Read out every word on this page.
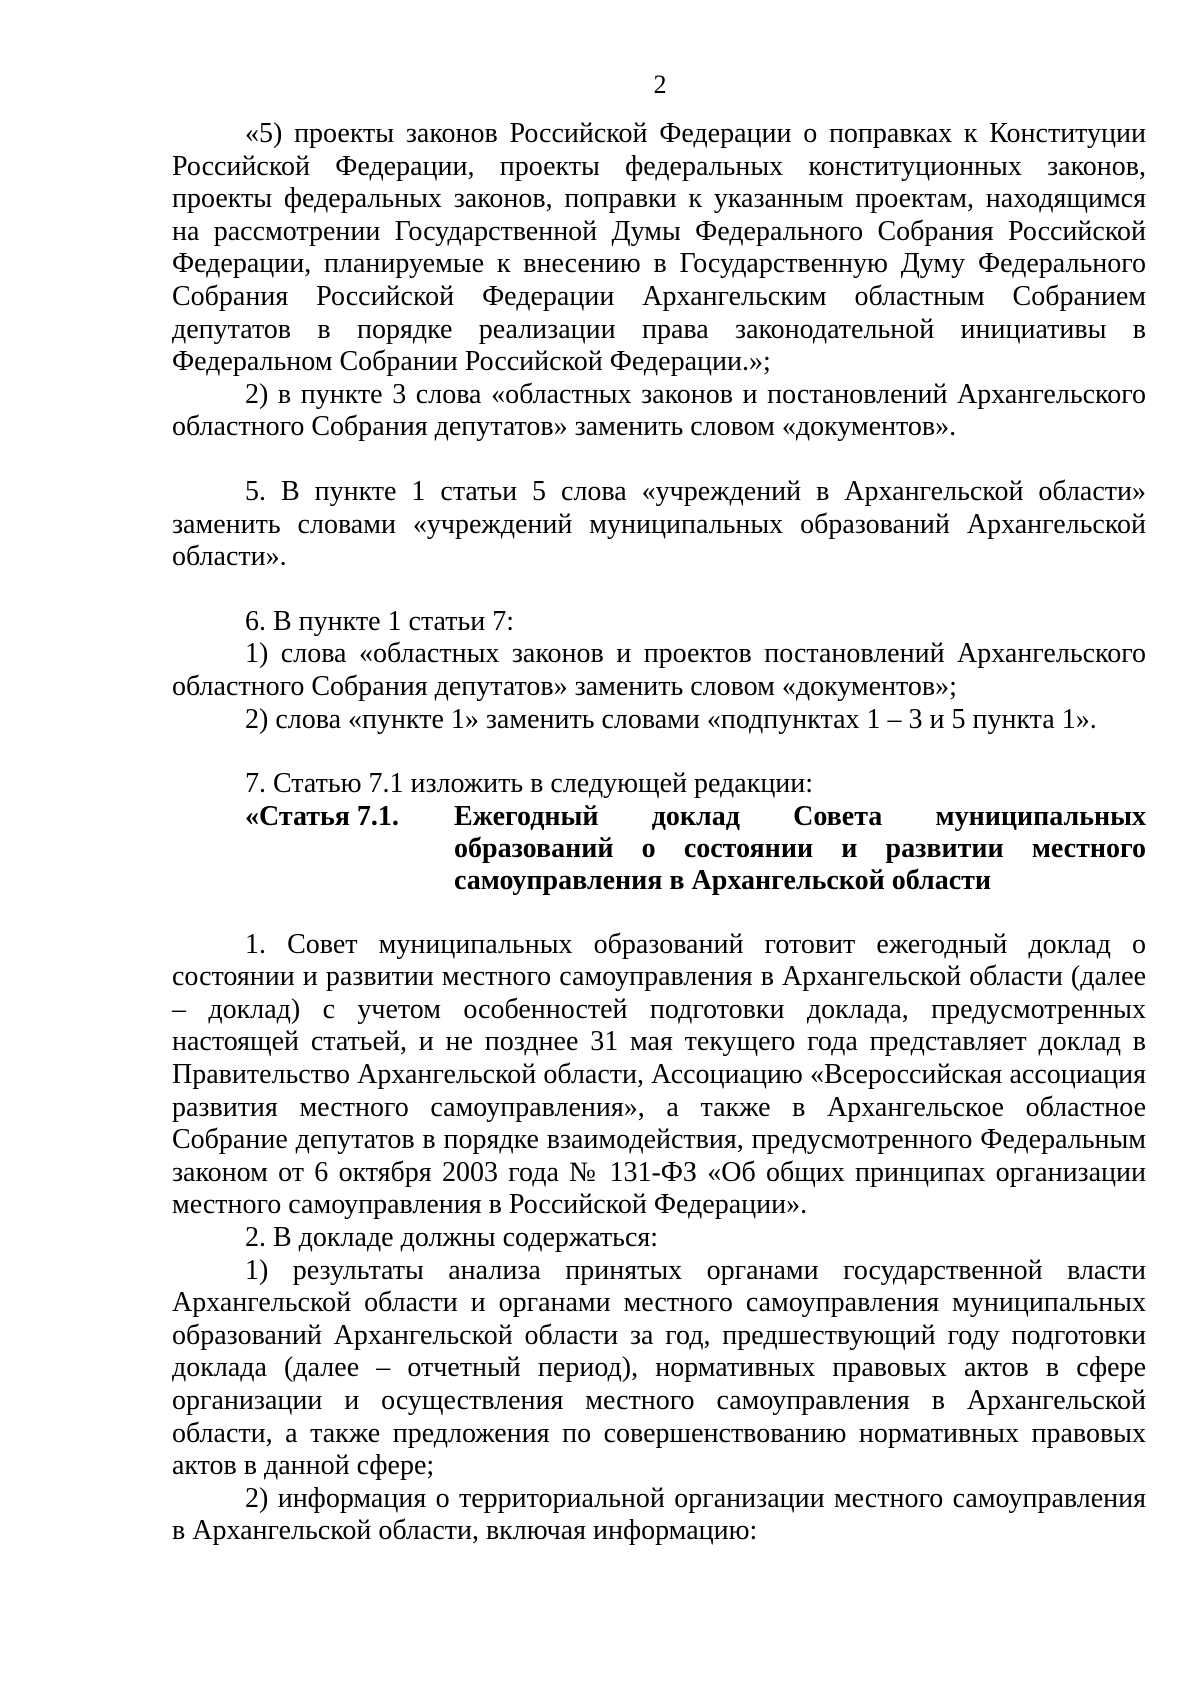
2

«5) проекты законов Российской Федерации о поправках к Конституции Российской Федерации, проекты федеральных конституционных законов, проекты федеральных законов, поправки к указанным проектам, находящимся на рассмотрении Государственной Думы Федерального Собрания Российской Федерации, планируемые к внесению в Государственную Думу Федерального Собрания Российской Федерации Архангельским областным Собранием депутатов в порядке реализации права законодательной инициативы в Федеральном Собрании Российской Федерации.»;

2) в пункте 3 слова «областных законов и постановлений Архангельского областного Собрания депутатов» заменить словом «документов».

5. В пункте 1 статьи 5 слова «учреждений в Архангельской области» заменить словами «учреждений муниципальных образований Архангельской области».

6. В пункте 1 статьи 7:

1) слова «областных законов и проектов постановлений Архангельского областного Собрания депутатов» заменить словом «документов»;

2) слова «пункте 1» заменить словами «подпунктах 1 – 3 и 5 пункта 1».

7. Статью 7.1 изложить в следующей редакции:

«Статья 7.1.	Ежегодный доклад Совета муниципальных
образований о состоянии и развитии местного
самоуправления в Архангельской области

1. Совет муниципальных образований готовит ежегодный доклад о состоянии и развитии местного самоуправления в Архангельской области (далее – доклад) с учетом особенностей подготовки доклада, предусмотренных настоящей статьей, и не позднее 31 мая текущего года представляет доклад в Правительство Архангельской области, Ассоциацию «Всероссийская ассоциация развития местного самоуправления», а также в Архангельское областное Собрание депутатов в порядке взаимодействия, предусмотренного Федеральным законом от 6 октября 2003 года № 131-ФЗ «Об общих принципах организации местного самоуправления в Российской Федерации».

2. В докладе должны содержаться:

1) результаты анализа принятых органами государственной власти Архангельской области и органами местного самоуправления муниципальных образований Архангельской области за год, предшествующий году подготовки доклада (далее – отчетный период), нормативных правовых актов в сфере организации и осуществления местного самоуправления в Архангельской области, а также предложения по совершенствованию нормативных правовых актов в данной сфере;

2) информация о территориальной организации местного самоуправления в Архангельской области, включая информацию:
